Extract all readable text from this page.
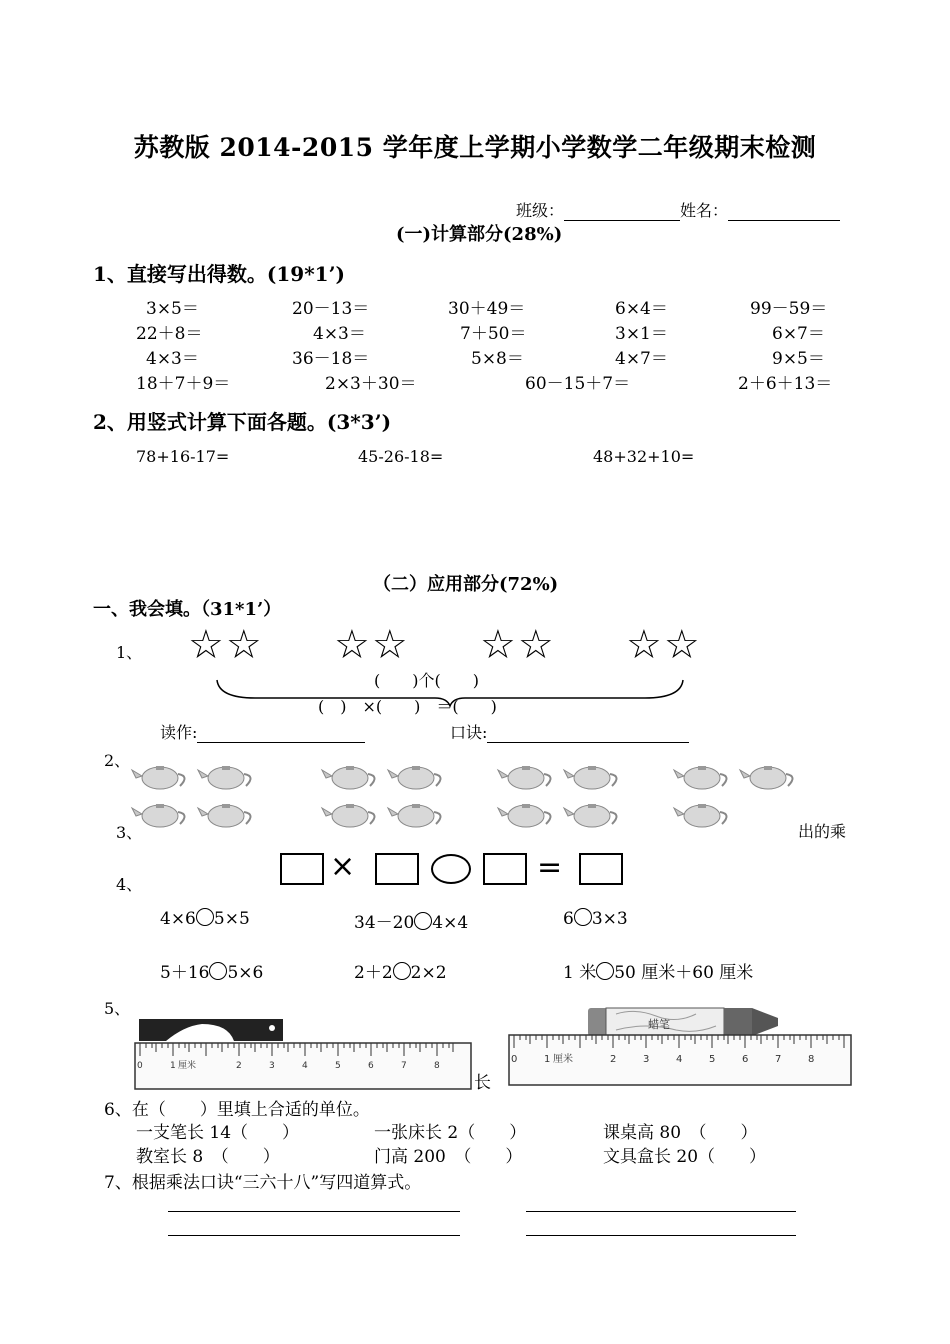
苏教版 2014-2015 学年度上学期小学数学二年级期末检测
班级：	姓名：
(一)计算部分(28%)
1、直接写出得数。(19*1’)
3×5＝	20－13＝	30＋49＝	6×4＝	99－59＝
22＋8＝	4×3＝	7＋50＝	3×1＝	6×7＝
4×3＝	36－18＝	5×8＝	4×7＝	9×5＝
18＋7＋9＝	2×3＋30＝	60－15＋7＝	2＋6＋13＝
2、用竖式计算下面各题。(3*3’)
78+16-17=	45-26-18=	48+32+10=
（二）应用部分(72%)
一、我会填。（31*1’）
1、 ☆☆ ☆☆ ☆☆ ☆☆
(　　)个(　　)
(　)　×(　　)　＝(　　)
读作:	口诀:
2、
3、	出的乘
4、
×	=
4×6 5×5	34－20 4×4	6 3×3
5＋16 5×6	2＋2 2×2	1 米 50 厘米＋60 厘米
5、
0	1 厘米	2	3	4	5	6	7	8
长
蜡笔
0	1 厘米	2	3	4	5	6	7	8
6、在（　　）里填上合适的单位。
一支笔长 14（　　）	一张床长 2（　　）	课桌高 80　（　　）
教室长 8　（　　）	门高 200　（　　）	文具盒长 20（　　）
7、根据乘法口诀“三六十八”写四道算式。
